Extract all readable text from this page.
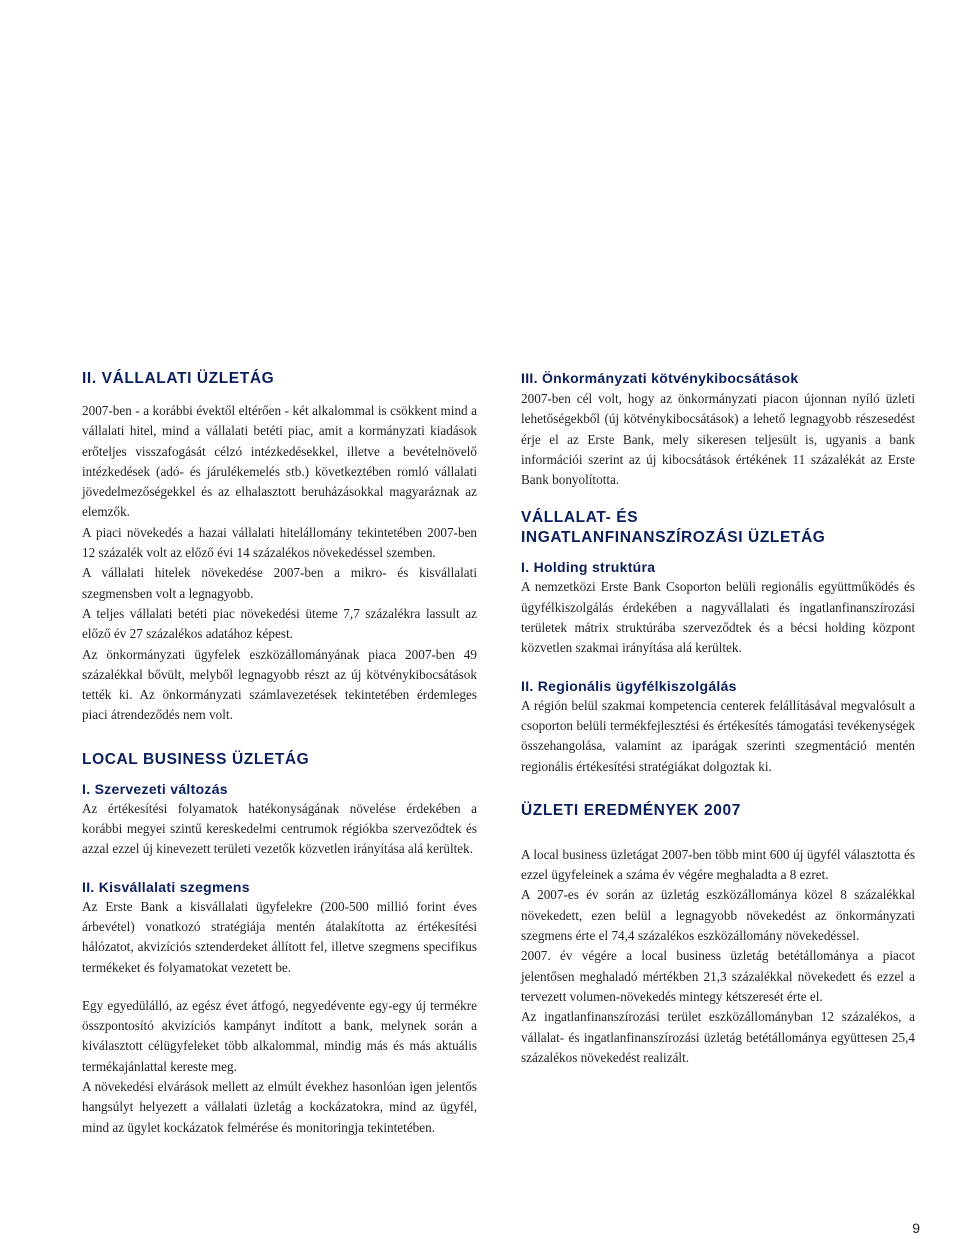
II. VÁLLALATI ÜZLETÁG

2007-ben - a korábbi évektől eltérően - két alkalommal is csökkent mind a vállalati hitel, mind a vállalati betéti piac, amit a kormányzati kiadások erőteljes visszafogását célzó intézkedésekkel, illetve a bevételnövelő intézkedések (adó- és járulékemelés stb.) következtében romló vállalati jövedelmezőségekkel és az elhalasztott beruházásokkal magyaráznak az elemzők.

A piaci növekedés a hazai vállalati hitelállomány tekintetében 2007-ben 12 százalék volt az előző évi 14 százalékos növekedéssel szemben.

A vállalati hitelek növekedése 2007-ben a mikro- és kisvállalati szegmensben volt a legnagyobb.

A teljes vállalati betéti piac növekedési üteme 7,7 százalékra lassult az előző év 27 százalékos adatához képest.

Az önkormányzati ügyfelek eszközállományának piaca 2007-ben 49 százalékkal bővült, melyből legnagyobb részt az új kötvénykibocsátások tették ki. Az önkormányzati számlavezetések tekintetében érdemleges piaci átrendeződés nem volt.

LOCAL BUSINESS ÜZLETÁG
I. Szervezeti változás

Az értékesítési folyamatok hatékonyságának növelése érdekében a korábbi megyei szintű kereskedelmi centrumok régiókba szerveződtek és azzal ezzel új kinevezett területi vezetők közvetlen irányítása alá kerültek.

II. Kisvállalati szegmens

Az Erste Bank a kisvállalati ügyfelekre (200-500 millió forint éves árbevétel) vonatkozó stratégiája mentén átalakította az értékesítési hálózatot, akvizíciós sztenderdeket állított fel, illetve szegmens specifikus termékeket és folyamatokat vezetett be.

Egy egyedülálló, az egész évet átfogó, negyedévente egy-egy új termékre összpontosító akvizíciós kampányt indított a bank, melynek során a kiválasztott célügyfeleket több alkalommal, mindig más és más aktuális termékajánlattal kereste meg.

A növekedési elvárások mellett az elmúlt évekhez hasonlóan igen jelentős hangsúlyt helyezett a vállalati üzletág a kockázatokra, mind az ügyfél, mind az ügylet kockázatok felmérése és monitoringja tekintetében.

III. Önkormányzati kötvénykibocsátások

2007-ben cél volt, hogy az önkormányzati piacon újonnan nyíló üzleti lehetőségekből (új kötvénykibocsátások) a lehető legnagyobb részesedést érje el az Erste Bank, mely sikeresen teljesült is, ugyanis a bank információi szerint az új kibocsátások értékének 11 százalékát az Erste Bank bonyolította.

VÁLLALAT- ÉS
INGATLANFINANSZÍROZÁSI ÜZLETÁG
I. Holding struktúra

A nemzetközi Erste Bank Csoporton belüli regionális együttműködés és ügyfélkiszolgálás érdekében a nagyvállalati és ingatlanfinanszírozási területek mátrix struktúrába szerveződtek és a bécsi holding központ közvetlen szakmai irányítása alá kerültek.

II. Regionális ügyfélkiszolgálás

A régión belül szakmai kompetencia centerek felállításával megvalósult a csoporton belüli termékfejlesztési és értékesítés támogatási tevékenységek összehangolása, valamint az iparágak szerinti szegmentáció mentén regionális értékesítési stratégiákat dolgoztak ki.

ÜZLETI EREDMÉNYEK 2007

A local business üzletágat 2007-ben több mint 600 új ügyfél választotta és ezzel ügyfeleinek a száma év végére meghaladta a 8 ezret.

A 2007-es év során az üzletág eszközállománya közel 8 százalékkal növekedett, ezen belül a legnagyobb növekedést az önkormányzati szegmens érte el 74,4 százalékos eszközállomány növekedéssel.

2007. év végére a local business üzletág betétállománya a piacot jelentősen meghaladó mértékben 21,3 százalékkal növekedett és ezzel a tervezett volumen-növekedés mintegy kétszeresét érte el.

Az ingatlanfinanszírozási terület eszközállományban 12 százalékos, a vállalat- és ingatlanfinanszírozási üzletág betétállománya együttesen 25,4 százalékos növekedést realizált.

9
